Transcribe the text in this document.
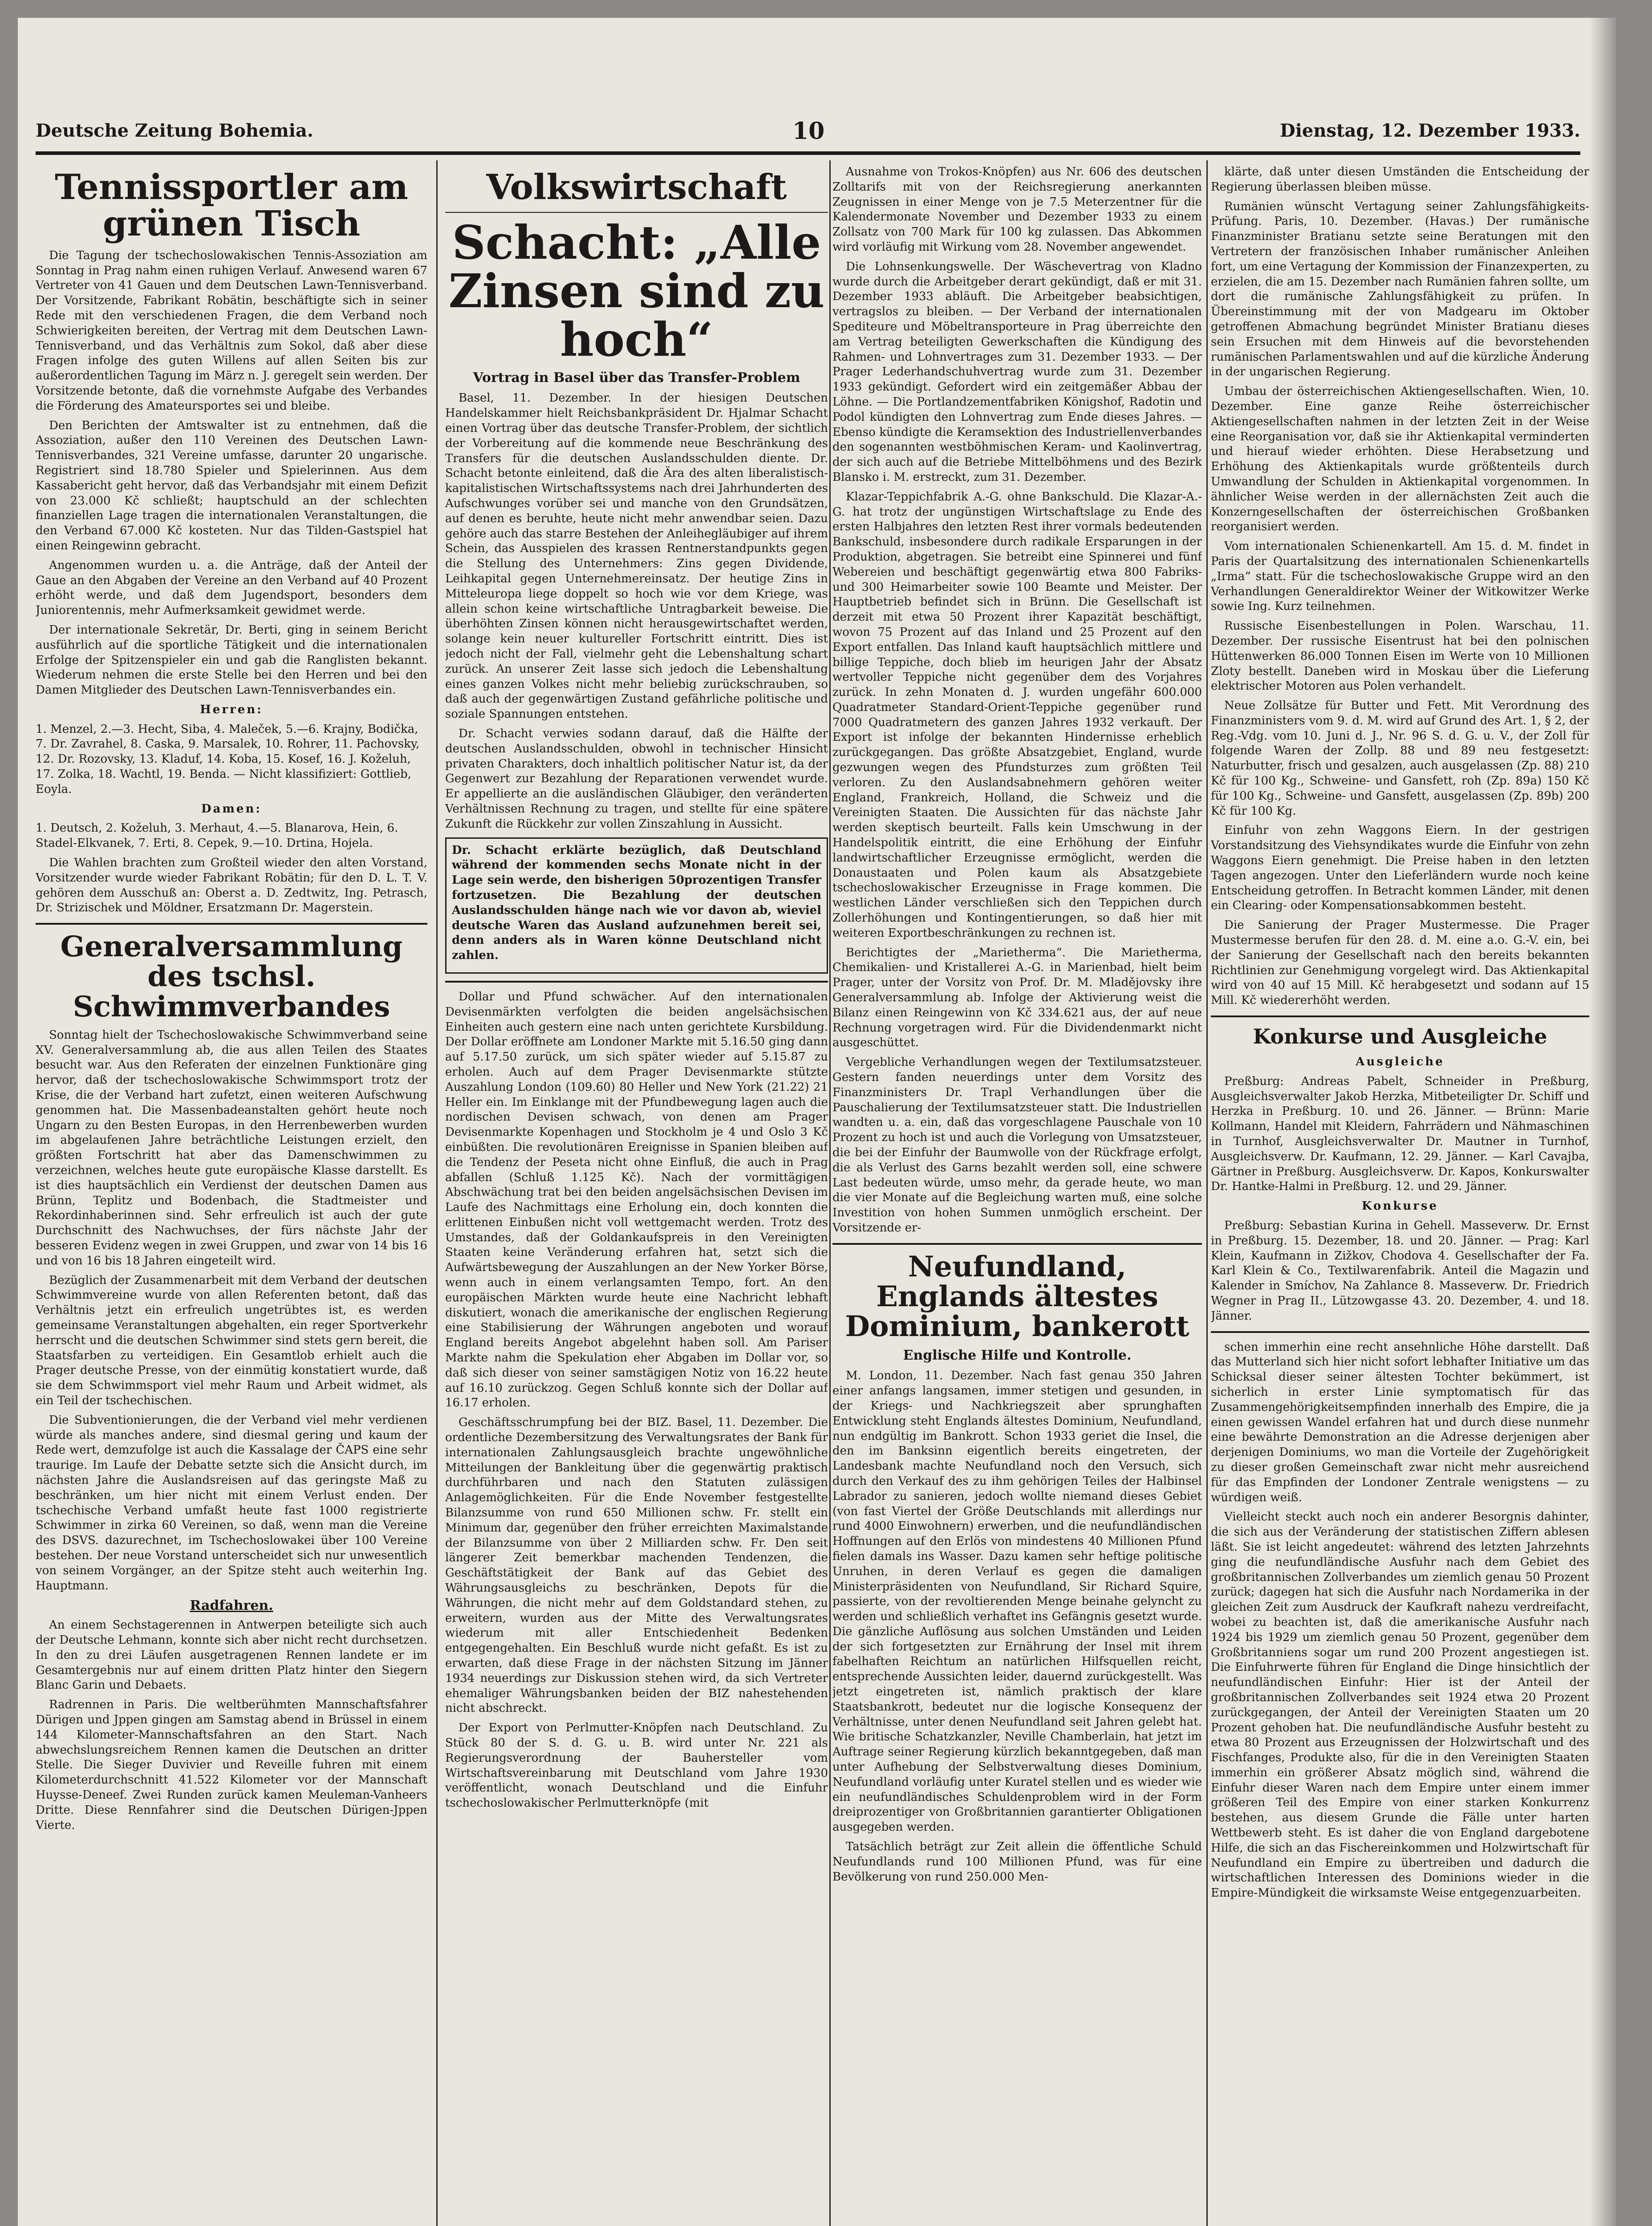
Deutsche Zeitung Bohemia.	10	Dienstag, 12. Dezember 1933.
Tennissportler am grünen Tisch

Die Tagung der tschechoslowakischen Tennis-Assoziation am Sonntag in Prag nahm einen ruhigen Verlauf. Anwesend waren 67 Vertreter von 41 Gauen und dem Deutschen Lawn-Tennisverband. Der Vorsitzende, Fabrikant Robätin, beschäftigte sich in seiner Rede mit den verschiedenen Fragen, die dem Verband noch Schwierigkeiten bereiten, der Vertrag mit dem Deutschen Lawn-Tennisverband, und das Verhältnis zum Sokol, daß aber diese Fragen infolge des guten Willens auf allen Seiten bis zur außerordentlichen Tagung im März n. J. geregelt sein werden. Der Vorsitzende betonte, daß die vornehmste Aufgabe des Verbandes die Förderung des Amateursportes sei und bleibe.

Den Berichten der Amtswalter ist zu entnehmen, daß die Assoziation, außer den 110 Vereinen des Deutschen Lawn-Tennisverbandes, 321 Vereine umfasse, darunter 20 ungarische. Registriert sind 18.780 Spieler und Spielerinnen. Aus dem Kassabericht geht hervor, daß das Verbandsjahr mit einem Defizit von 23.000 Kč schließt; hauptschuld an der schlechten finanziellen Lage tragen die internationalen Veranstaltungen, die den Verband 67.000 Kč kosteten. Nur das Tilden-Gastspiel hat einen Reingewinn gebracht.

Angenommen wurden u. a. die Anträge, daß der Anteil der Gaue an den Abgaben der Vereine an den Verband auf 40 Prozent erhöht werde, und daß dem Jugendsport, besonders dem Juniorentennis, mehr Aufmerksamkeit gewidmet werde.

Der internationale Sekretär, Dr. Berti, ging in seinem Bericht ausführlich auf die sportliche Tätigkeit und die internationalen Erfolge der Spitzenspieler ein und gab die Ranglisten bekannt. Wiederum nehmen die erste Stelle bei den Herren und bei den Damen Mitglieder des Deutschen Lawn-Tennisverbandes ein.

Herren:

1. Menzel, 2.—3. Hecht, Siba, 4. Maleček, 5.—6. Krajny, Bodička, 7. Dr. Zavrahel, 8. Caska, 9. Marsalek, 10. Rohrer, 11. Pachovsky, 12. Dr. Rozovsky, 13. Kladuf, 14. Koba, 15. Kosef, 16. J. Koželuh, 17. Zolka, 18. Wachtl, 19. Benda. — Nicht klassifiziert: Gottlieb, Eoyla.

Damen:

1. Deutsch, 2. Koželuh, 3. Merhaut, 4.—5. Blanarova, Hein, 6. Stadel-Elkvanek, 7. Erti, 8. Cepek, 9.—10. Drtina, Hojela.

Die Wahlen brachten zum Großteil wieder den alten Vorstand, Vorsitzender wurde wieder Fabrikant Robätin; für den D. L. T. V. gehören dem Ausschuß an: Oberst a. D. Zedtwitz, Ing. Petrasch, Dr. Strizischek und Möldner, Ersatzmann Dr. Magerstein.

Generalversammlung des tschsl. Schwimmverbandes

Sonntag hielt der Tschechoslowakische Schwimmverband seine XV. Generalversammlung ab, die aus allen Teilen des Staates besucht war. Aus den Referaten der einzelnen Funktionäre ging hervor, daß der tschechoslowakische Schwimmsport trotz der Krise, die der Verband hart zufetzt, einen weiteren Aufschwung genommen hat. Die Massenbadeanstalten gehört heute noch Ungarn zu den Besten Europas, in den Herrenbewerben wurden im abgelaufenen Jahre beträchtliche Leistungen erzielt, den größten Fortschritt hat aber das Damenschwimmen zu verzeichnen, welches heute gute europäische Klasse darstellt. Es ist dies hauptsächlich ein Verdienst der deutschen Damen aus Brünn, Teplitz und Bodenbach, die Stadtmeister und Rekordinhaberinnen sind. Sehr erfreulich ist auch der gute Durchschnitt des Nachwuchses, der fürs nächste Jahr der besseren Evidenz wegen in zwei Gruppen, und zwar von 14 bis 16 und von 16 bis 18 Jahren eingeteilt wird.

Bezüglich der Zusammenarbeit mit dem Verband der deutschen Schwimmvereine wurde von allen Referenten betont, daß das Verhältnis jetzt ein erfreulich ungetrübtes ist, es werden gemeinsame Veranstaltungen abgehalten, ein reger Sportverkehr herrscht und die deutschen Schwimmer sind stets gern bereit, die Staatsfarben zu verteidigen. Ein Gesamtlob erhielt auch die Prager deutsche Presse, von der einmütig konstatiert wurde, daß sie dem Schwimmsport viel mehr Raum und Arbeit widmet, als ein Teil der tschechischen.

Die Subventionierungen, die der Verband viel mehr verdienen würde als manches andere, sind diesmal gering und kaum der Rede wert, demzufolge ist auch die Kassalage der ČAPS eine sehr traurige. Im Laufe der Debatte setzte sich die Ansicht durch, im nächsten Jahre die Auslandsreisen auf das geringste Maß zu beschränken, um hier nicht mit einem Verlust enden. Der tschechische Verband umfaßt heute fast 1000 registrierte Schwimmer in zirka 60 Vereinen, so daß, wenn man die Vereine des DSVS. dazurechnet, im Tschechoslowakei über 100 Vereine bestehen. Der neue Vorstand unterscheidet sich nur unwesentlich von seinem Vorgänger, an der Spitze steht auch weiterhin Ing. Hauptmann.

Radfahren.

An einem Sechstagerennen in Antwerpen beteiligte sich auch der Deutsche Lehmann, konnte sich aber nicht recht durchsetzen. In den zu drei Läufen ausgetragenen Rennen landete er im Gesamtergebnis nur auf einem dritten Platz hinter den Siegern Blanc Garin und Debaets.

Radrennen in Paris. Die weltberühmten Mannschaftsfahrer Dürigen und Jppen gingen am Samstag abend in Brüssel in einem 144 Kilometer-Mannschaftsfahren an den Start. Nach abwechslungsreichem Rennen kamen die Deutschen an dritter Stelle. Die Sieger Duvivier und Reveille fuhren mit einem Kilometerdurchschnitt 41.522 Kilometer vor der Mannschaft Huysse-Deneef. Zwei Runden zurück kamen Meuleman-Vanheers Dritte. Diese Rennfahrer sind die Deutschen Dürigen-Jppen Vierte.

Volkswirtschaft
Schacht: „Alle Zinsen sind zu hoch“
Vortrag in Basel über das Transfer-Problem

Basel, 11. Dezember. In der hiesigen Deutschen Handelskammer hielt Reichsbankpräsident Dr. Hjalmar Schacht einen Vortrag über das deutsche Transfer-Problem, der sichtlich der Vorbereitung auf die kommende neue Beschränkung des Transfers für die deutschen Auslandsschulden diente. Dr. Schacht betonte einleitend, daß die Ära des alten liberalistisch-kapitalistischen Wirtschaftssystems nach drei Jahrhunderten des Aufschwunges vorüber sei und manche von den Grundsätzen, auf denen es beruhte, heute nicht mehr anwendbar seien. Dazu gehöre auch das starre Bestehen der Anleihegläubiger auf ihrem Schein, das Ausspielen des krassen Rentnerstandpunkts gegen die Stellung des Unternehmers: Zins gegen Dividende, Leihkapital gegen Unternehmereinsatz. Der heutige Zins in Mitteleuropa liege doppelt so hoch wie vor dem Kriege, was allein schon keine wirtschaftliche Untragbarkeit beweise. Die überhöhten Zinsen können nicht herausgewirtschaftet werden, solange kein neuer kultureller Fortschritt eintritt. Dies ist jedoch nicht der Fall, vielmehr geht die Lebenshaltung schart zurück. An unserer Zeit lasse sich jedoch die Lebenshaltung eines ganzen Volkes nicht mehr beliebig zurückschrauben, so daß auch der gegenwärtigen Zustand gefährliche politische und soziale Spannungen entstehen.

Dr. Schacht verwies sodann darauf, daß die Hälfte der deutschen Auslandsschulden, obwohl in technischer Hinsicht privaten Charakters, doch inhaltlich politischer Natur ist, da der Gegenwert zur Bezahlung der Reparationen verwendet wurde. Er appellierte an die ausländischen Gläubiger, den veränderten Verhältnissen Rechnung zu tragen, und stellte für eine spätere Zukunft die Rückkehr zur vollen Zinszahlung in Aussicht.

Dr. Schacht erklärte bezüglich, daß Deutschland während der kommenden sechs Monate nicht in der Lage sein werde, den bisherigen 50prozentigen Transfer fortzusetzen. Die Bezahlung der deutschen Auslandsschulden hänge nach wie vor davon ab, wieviel deutsche Waren das Ausland aufzunehmen bereit sei, denn anders als in Waren könne Deutschland nicht zahlen.

Dollar und Pfund schwächer. Auf den internationalen Devisenmärkten verfolgten die beiden angelsächsischen Einheiten auch gestern eine nach unten gerichtete Kursbildung. Der Dollar eröffnete am Londoner Markte mit 5.16.50 ging dann auf 5.17.50 zurück, um sich später wieder auf 5.15.87 zu erholen. Auch auf dem Prager Devisenmarkte stützte Auszahlung London (109.60) 80 Heller und New York (21.22) 21 Heller ein. Im Einklange mit der Pfundbewegung lagen auch die nordischen Devisen schwach, von denen am Prager Devisenmarkte Kopenhagen und Stockholm je 4 und Oslo 3 Kč einbüßten. Die revolutionären Ereignisse in Spanien bleiben auf die Tendenz der Peseta nicht ohne Einfluß, die auch in Prag abfallen (Schluß 1.125 Kč). Nach der vormittägigen Abschwächung trat bei den beiden angelsächsischen Devisen im Laufe des Nachmittags eine Erholung ein, doch konnten die erlittenen Einbußen nicht voll wettgemacht werden. Trotz des Umstandes, daß der Goldankaufspreis in den Vereinigten Staaten keine Veränderung erfahren hat, setzt sich die Aufwärtsbewegung der Auszahlungen an der New Yorker Börse, wenn auch in einem verlangsamten Tempo, fort. An den europäischen Märkten wurde heute eine Nachricht lebhaft diskutiert, wonach die amerikanische der englischen Regierung eine Stabilisierung der Währungen angeboten und worauf England bereits Angebot abgelehnt haben soll. Am Pariser Markte nahm die Spekulation eher Abgaben im Dollar vor, so daß sich dieser von seiner samstägigen Notiz von 16.22 heute auf 16.10 zurückzog. Gegen Schluß konnte sich der Dollar auf 16.17 erholen.

Geschäftsschrumpfung bei der BIZ. Basel, 11. Dezember. Die ordentliche Dezembersitzung des Verwaltungsrates der Bank für internationalen Zahlungsausgleich brachte ungewöhnliche Mitteilungen der Bankleitung über die gegenwärtig praktisch durchführbaren und nach den Statuten zulässigen Anlagemöglichkeiten. Für die Ende November festgestellte Bilanzsumme von rund 650 Millionen schw. Fr. stellt ein Minimum dar, gegenüber den früher erreichten Maximalstande der Bilanzsumme von über 2 Milliarden schw. Fr. Den seit längerer Zeit bemerkbar machenden Tendenzen, die Geschäftstätigkeit der Bank auf das Gebiet des Währungsausgleichs zu beschränken, Depots für die Währungen, die nicht mehr auf dem Goldstandard stehen, zu erweitern, wurden aus der Mitte des Verwaltungsrates wiederum mit aller Entschiedenheit Bedenken entgegengehalten. Ein Beschluß wurde nicht gefaßt. Es ist zu erwarten, daß diese Frage in der nächsten Sitzung im Jänner 1934 neuerdings zur Diskussion stehen wird, da sich Vertreter ehemaliger Währungsbanken beiden der BIZ nahestehenden nicht abschreckt.

Der Export von Perlmutter-Knöpfen nach Deutschland. Zu Stück 80 der S. d. G. u. B. wird unter Nr. 221 als Regierungsverordnung der Bauhersteller vom Wirtschaftsvereinbarung mit Deutschland vom Jahre 1930 veröffentlicht, wonach Deutschland und die Einfuhr tschechoslowakischer Perlmutterknöpfe (mit

Ausnahme von Trokos-Knöpfen) aus Nr. 606 des deutschen Zolltarifs mit von der Reichsregierung anerkannten Zeugnissen in einer Menge von je 7.5 Meterzentner für die Kalendermonate November und Dezember 1933 zu einem Zollsatz von 700 Mark für 100 kg zulassen. Das Abkommen wird vorläufig mit Wirkung vom 28. November angewendet.

Die Lohnsenkungswelle. Der Wäschevertrag von Kladno wurde durch die Arbeitgeber derart gekündigt, daß er mit 31. Dezember 1933 abläuft. Die Arbeitgeber beabsichtigen, vertragslos zu bleiben. — Der Verband der internationalen Spediteure und Möbeltransporteure in Prag überreichte den am Vertrag beteiligten Gewerkschaften die Kündigung des Rahmen- und Lohnvertrages zum 31. Dezember 1933. — Der Prager Lederhandschuhvertrag wurde zum 31. Dezember 1933 gekündigt. Gefordert wird ein zeitgemäßer Abbau der Löhne. — Die Portlandzementfabriken Königshof, Radotin und Podol kündigten den Lohnvertrag zum Ende dieses Jahres. — Ebenso kündigte die Keramsektion des Industriellenverbandes den sogenannten westböhmischen Keram- und Kaolinvertrag, der sich auch auf die Betriebe Mittelböhmens und des Bezirk Blansko i. M. erstreckt, zum 31. Dezember.

Klazar-Teppichfabrik A.-G. ohne Bankschuld. Die Klazar-A.-G. hat trotz der ungünstigen Wirtschaftslage zu Ende des ersten Halbjahres den letzten Rest ihrer vormals bedeutenden Bankschuld, insbesondere durch radikale Ersparungen in der Produktion, abgetragen. Sie betreibt eine Spinnerei und fünf Webereien und beschäftigt gegenwärtig etwa 800 Fabriks- und 300 Heimarbeiter sowie 100 Beamte und Meister. Der Hauptbetrieb befindet sich in Brünn. Die Gesellschaft ist derzeit mit etwa 50 Prozent ihrer Kapazität beschäftigt, wovon 75 Prozent auf das Inland und 25 Prozent auf den Export entfallen. Das Inland kauft hauptsächlich mittlere und billige Teppiche, doch blieb im heurigen Jahr der Absatz wertvoller Teppiche nicht gegenüber dem des Vorjahres zurück. In zehn Monaten d. J. wurden ungefähr 600.000 Quadratmeter Standard-Orient-Teppiche gegenüber rund 7000 Quadratmetern des ganzen Jahres 1932 verkauft. Der Export ist infolge der bekannten Hindernisse erheblich zurückgegangen. Das größte Absatzgebiet, England, wurde gezwungen wegen des Pfundsturzes zum größten Teil verloren. Zu den Auslandsabnehmern gehören weiter England, Frankreich, Holland, die Schweiz und die Vereinigten Staaten. Die Aussichten für das nächste Jahr werden skeptisch beurteilt. Falls kein Umschwung in der Handelspolitik eintritt, die eine Erhöhung der Einfuhr landwirtschaftlicher Erzeugnisse ermöglicht, werden die Donaustaaten und Polen kaum als Absatzgebiete tschechoslowakischer Erzeugnisse in Frage kommen. Die westlichen Länder verschließen sich den Teppichen durch Zollerhöhungen und Kontingentierungen, so daß hier mit weiteren Exportbeschränkungen zu rechnen ist.

Berichtigtes der „Marietherma“. Die Marietherma, Chemikalien- und Kristallerei A.-G. in Marienbad, hielt beim Prager, unter der Vorsitz von Prof. Dr. M. Mladějovsky ihre Generalversammlung ab. Infolge der Aktivierung weist die Bilanz einen Reingewinn von Kč 334.621 aus, der auf neue Rechnung vorgetragen wird. Für die Dividendenmarkt nicht ausgeschüttet.

Vergebliche Verhandlungen wegen der Textilumsatzsteuer. Gestern fanden neuerdings unter dem Vorsitz des Finanzministers Dr. Trapl Verhandlungen über die Pauschalierung der Textilumsatzsteuer statt. Die Industriellen wandten u. a. ein, daß das vorgeschlagene Pauschale von 10 Prozent zu hoch ist und auch die Vorlegung von Umsatzsteuer, die bei der Einfuhr der Baumwolle von der Rückfrage erfolgt, die als Verlust des Garns bezahlt werden soll, eine schwere Last bedeuten würde, umso mehr, da gerade heute, wo man die vier Monate auf die Begleichung warten muß, eine solche Investition von hohen Summen unmöglich erscheint. Der Vorsitzende er-

Neufundland, Englands ältestes Dominium, bankerott
Englische Hilfe und Kontrolle.

M. London, 11. Dezember. Nach fast genau 350 Jahren einer anfangs langsamen, immer stetigen und gesunden, in der Kriegs- und Nachkriegszeit aber sprunghaften Entwicklung steht Englands ältestes Dominium, Neufundland, nun endgültig im Bankrott. Schon 1933 geriet die Insel, die den im Banksinn eigentlich bereits eingetreten, der Landesbank machte Neufundland noch den Versuch, sich durch den Verkauf des zu ihm gehörigen Teiles der Halbinsel Labrador zu sanieren, jedoch wollte niemand dieses Gebiet (von fast Viertel der Größe Deutschlands mit allerdings nur rund 4000 Einwohnern) erwerben, und die neufundländischen Hoffnungen auf den Erlös von mindestens 40 Millionen Pfund fielen damals ins Wasser. Dazu kamen sehr heftige politische Unruhen, in deren Verlauf es gegen die damaligen Ministerpräsidenten von Neufundland, Sir Richard Squire, passierte, von der revoltierenden Menge beinahe gelyncht zu werden und schließlich verhaftet ins Gefängnis gesetzt wurde. Die gänzliche Auflösung aus solchen Umständen und Leiden der sich fortgesetzten zur Ernährung der Insel mit ihrem fabelhaften Reichtum an natürlichen Hilfsquellen reicht, entsprechende Aussichten leider, dauernd zurückgestellt. Was jetzt eingetreten ist, nämlich praktisch der klare Staatsbankrott, bedeutet nur die logische Konsequenz der Verhältnisse, unter denen Neufundland seit Jahren gelebt hat. Wie britische Schatzkanzler, Neville Chamberlain, hat jetzt im Auftrage seiner Regierung kürzlich bekanntgegeben, daß man unter Aufhebung der Selbstverwaltung dieses Dominium, Neufundland vorläufig unter Kuratel stellen und es wieder wie ein neufundländisches Schuldenproblem wird in der Form dreiprozentiger von Großbritannien garantierter Obligationen ausgegeben werden.

Tatsächlich beträgt zur Zeit allein die öffentliche Schuld Neufundlands rund 100 Millionen Pfund, was für eine Bevölkerung von rund 250.000 Men-

klärte, daß unter diesen Umständen die Entscheidung der Regierung überlassen bleiben müsse.

Rumänien wünscht Vertagung seiner Zahlungsfähigkeits-Prüfung. Paris, 10. Dezember. (Havas.) Der rumänische Finanzminister Bratianu setzte seine Beratungen mit den Vertretern der französischen Inhaber rumänischer Anleihen fort, um eine Vertagung der Kommission der Finanzexperten, zu erzielen, die am 15. Dezember nach Rumänien fahren sollte, um dort die rumänische Zahlungsfähigkeit zu prüfen. In Übereinstimmung mit der von Madgearu im Oktober getroffenen Abmachung begründet Minister Bratianu dieses sein Ersuchen mit dem Hinweis auf die bevorstehenden rumänischen Parlamentswahlen und auf die kürzliche Änderung in der ungarischen Regierung.

Umbau der österreichischen Aktiengesellschaften. Wien, 10. Dezember. Eine ganze Reihe österreichischer Aktiengesellschaften nahmen in der letzten Zeit in der Weise eine Reorganisation vor, daß sie ihr Aktienkapital verminderten und hierauf wieder erhöhten. Diese Herabsetzung und Erhöhung des Aktienkapitals wurde größtenteils durch Umwandlung der Schulden in Aktienkapital vorgenommen. In ähnlicher Weise werden in der allernächsten Zeit auch die Konzerngesellschaften der österreichischen Großbanken reorganisiert werden.

Vom internationalen Schienenkartell. Am 15. d. M. findet in Paris der Quartalsitzung des internationalen Schienenkartells „Irma“ statt. Für die tschechoslowakische Gruppe wird an den Verhandlungen Generaldirektor Weiner der Witkowitzer Werke sowie Ing. Kurz teilnehmen.

Russische Eisenbestellungen in Polen. Warschau, 11. Dezember. Der russische Eisentrust hat bei den polnischen Hüttenwerken 86.000 Tonnen Eisen im Werte von 10 Millionen Zloty bestellt. Daneben wird in Moskau über die Lieferung elektrischer Motoren aus Polen verhandelt.

Neue Zollsätze für Butter und Fett. Mit Verordnung des Finanzministers vom 9. d. M. wird auf Grund des Art. 1, § 2, der Reg.-Vdg. vom 10. Juni d. J., Nr. 96 S. d. G. u. V., der Zoll für folgende Waren der Zollp. 88 und 89 neu festgesetzt: Naturbutter, frisch und gesalzen, auch ausgelassen (Zp. 88) 210 Kč für 100 Kg., Schweine- und Gansfett, roh (Zp. 89a) 150 Kč für 100 Kg., Schweine- und Gansfett, ausgelassen (Zp. 89b) 200 Kč für 100 Kg.

Einfuhr von zehn Waggons Eiern. In der gestrigen Vorstandsitzung des Viehsyndikates wurde die Einfuhr von zehn Waggons Eiern genehmigt. Die Preise haben in den letzten Tagen angezogen. Unter den Lieferländern wurde noch keine Entscheidung getroffen. In Betracht kommen Länder, mit denen ein Clearing- oder Kompensationsabkommen besteht.

Die Sanierung der Prager Mustermesse. Die Prager Mustermesse berufen für den 28. d. M. eine a.o. G.-V. ein, bei der Sanierung der Gesellschaft nach den bereits bekannten Richtlinien zur Genehmigung vorgelegt wird. Das Aktienkapital wird von 40 auf 15 Mill. Kč herabgesetzt und sodann auf 15 Mill. Kč wiedererhöht werden.

Konkurse und Ausgleiche

Ausgleiche

Preßburg: Andreas Pabelt, Schneider in Preßburg, Ausgleichsverwalter Jakob Herzka, Mitbeteiligter Dr. Schiff und Herzka in Preßburg. 10. und 26. Jänner. — Brünn: Marie Kollmann, Handel mit Kleidern, Fahrrädern und Nähmaschinen in Turnhof, Ausgleichsverwalter Dr. Mautner in Turnhof, Ausgleichsverw. Dr. Kaufmann, 12. 29. Jänner. — Karl Cavajba, Gärtner in Preßburg. Ausgleichsverw. Dr. Kapos, Konkurswalter Dr. Hantke-Halmi in Preßburg. 12. und 29. Jänner.

Konkurse

Preßburg: Sebastian Kurina in Gehell. Masseverw. Dr. Ernst in Preßburg. 15. Dezember, 18. und 20. Jänner. — Prag: Karl Klein, Kaufmann in Zižkov, Chodova 4. Gesellschafter der Fa. Karl Klein & Co., Textilwarenfabrik. Anteil die Magazin und Kalender in Smíchov, Na Zahlance 8. Masseverw. Dr. Friedrich Wegner in Prag II., Lützowgasse 43. 20. Dezember, 4. und 18. Jänner.

schen immerhin eine recht ansehnliche Höhe darstellt. Daß das Mutterland sich hier nicht sofort lebhafter Initiative um das Schicksal dieser seiner ältesten Tochter bekümmert, ist sicherlich in erster Linie symptomatisch für das Zusammengehörigkeitsempfinden innerhalb des Empire, die ja einen gewissen Wandel erfahren hat und durch diese nunmehr eine bewährte Demonstration an die Adresse derjenigen aber derjenigen Dominiums, wo man die Vorteile der Zugehörigkeit zu dieser großen Gemeinschaft zwar nicht mehr ausreichend für das Empfinden der Londoner Zentrale wenigstens — zu würdigen weiß.

Vielleicht steckt auch noch ein anderer Besorgnis dahinter, die sich aus der Veränderung der statistischen Ziffern ablesen läßt. Sie ist leicht angedeutet: während des letzten Jahrzehnts ging die neufundländische Ausfuhr nach dem Gebiet des großbritannischen Zollverbandes um ziemlich genau 50 Prozent zurück; dagegen hat sich die Ausfuhr nach Nordamerika in der gleichen Zeit zum Ausdruck der Kaufkraft nahezu verdreifacht, wobei zu beachten ist, daß die amerikanische Ausfuhr nach 1924 bis 1929 um ziemlich genau 50 Prozent, gegenüber dem Großbritanniens sogar um rund 200 Prozent angestiegen ist. Die Einfuhrwerte führen für England die Dinge hinsichtlich der neufundländischen Einfuhr: Hier ist der Anteil der großbritannischen Zollverbandes seit 1924 etwa 20 Prozent zurückgegangen, der Anteil der Vereinigten Staaten um 20 Prozent gehoben hat. Die neufundländische Ausfuhr besteht zu etwa 80 Prozent aus Erzeugnissen der Holzwirtschaft und des Fischfanges, Produkte also, für die in den Vereinigten Staaten immerhin ein größerer Absatz möglich sind, während die Einfuhr dieser Waren nach dem Empire unter einem immer größeren Teil des Empire von einer starken Konkurrenz bestehen, aus diesem Grunde die Fälle unter harten Wettbewerb steht. Es ist daher die von England dargebotene Hilfe, die sich an das Fischereinkommen und Holzwirtschaft für Neufundland ein Empire zu übertreiben und dadurch die wirtschaftlichen Interessen des Dominions wieder in die Empire-Mündigkeit die wirksamste Weise entgegenzuarbeiten.
